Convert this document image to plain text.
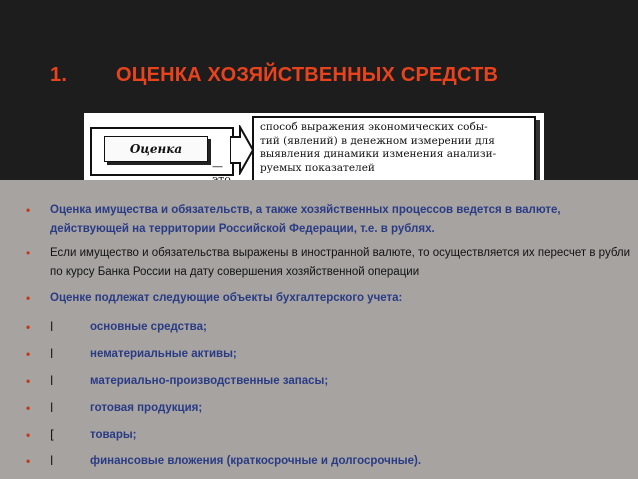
1. ОЦЕНКА ХОЗЯЙСТВЕННЫХ СРЕДСТВ
Оценка
—
способ выражения экономических собы-
тий (явлений) в денежном измерении для
выявления динамики изменения анализи-
руемых показателей
•	Оценка имущества и обязательств, а также хозяйственных процессов ведется в валюте, действующей на территории Российской Федерации, т.е. в рублях.
•	Если имущество и обязательства выражены в иностранной валюте, то осуществляется их пересчет в рубли по курсу Банка России на дату совершения хозяйственной операции
•	Оценке подлежат следующие объекты бухгалтерского учета:
•	l	основные средства;
•	l	нематериальные активы;
•	l	материально-производственные запасы;
•	l	готовая продукция;
•	[	товары;
•	l	финансовые вложения (краткосрочные и долгосрочные).
